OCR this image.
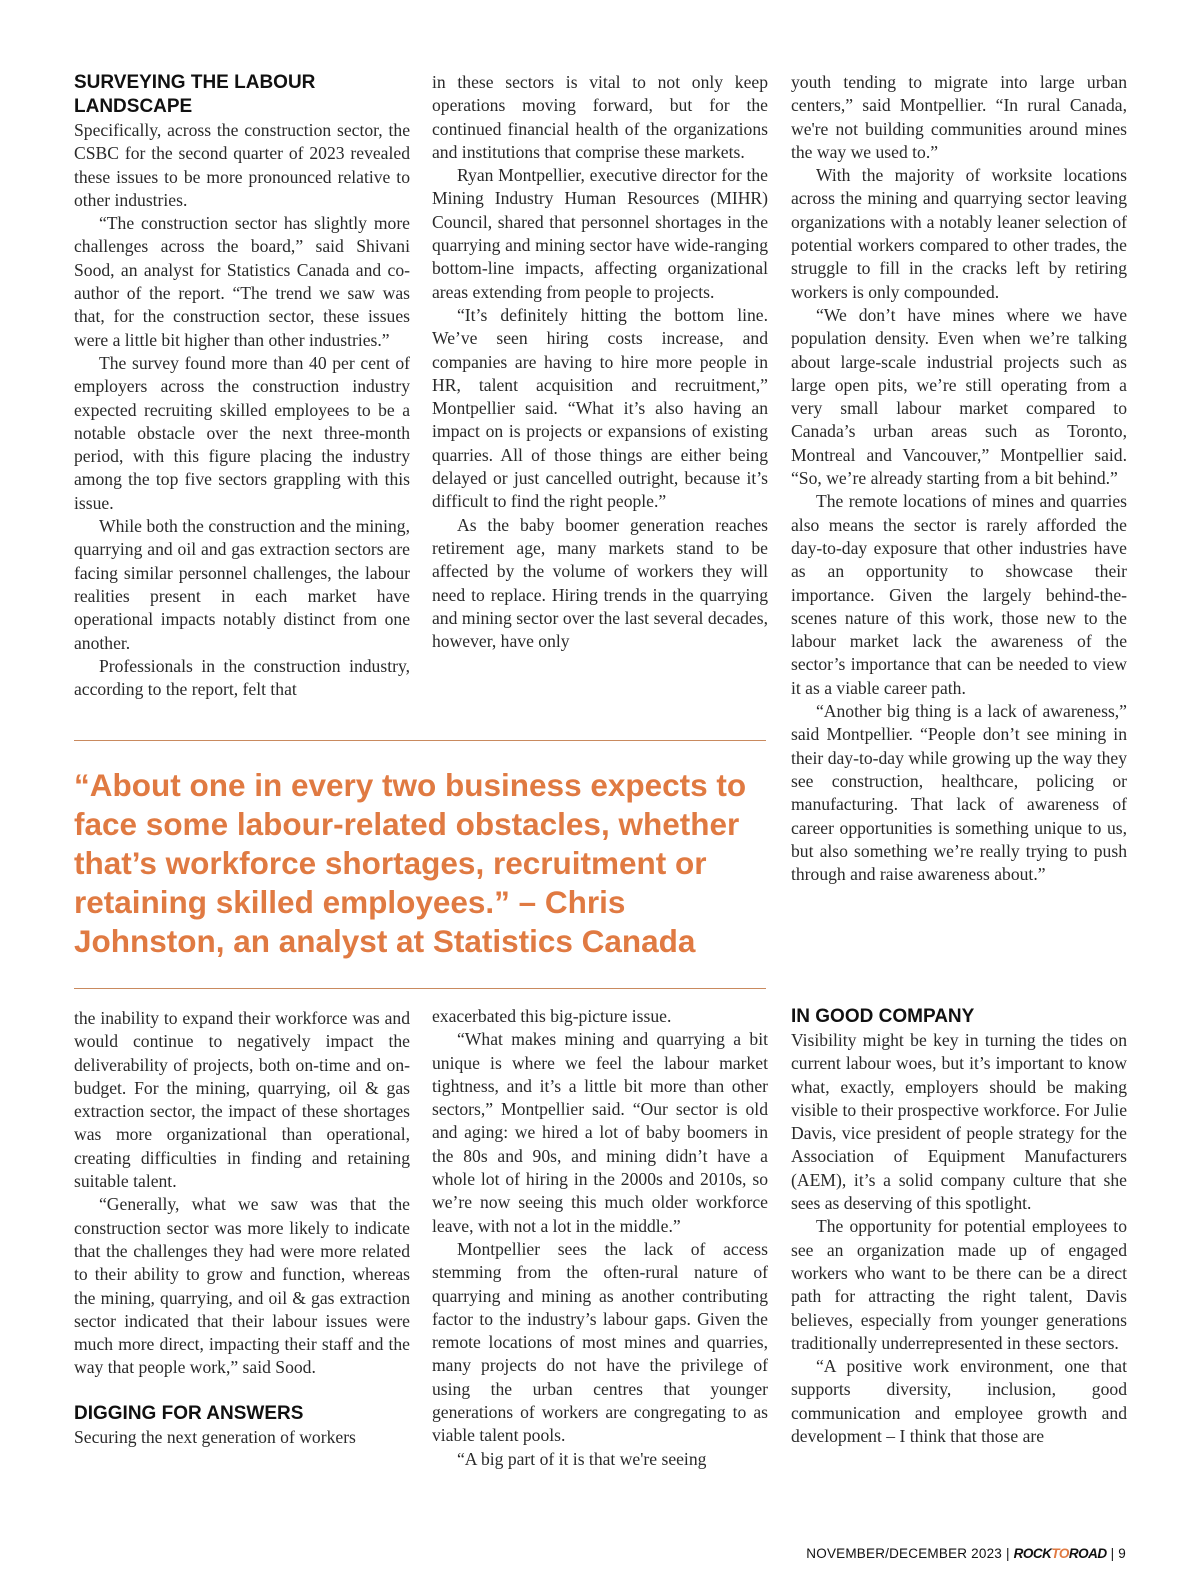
SURVEYING THE LABOUR LANDSCAPE

Specifically, across the construction sector, the CSBC for the second quarter of 2023 revealed these issues to be more pronounced relative to other industries.

“The construction sector has slightly more challenges across the board,” said Shivani Sood, an analyst for Statistics Canada and co-author of the report. “The trend we saw was that, for the construction sector, these issues were a little bit higher than other industries.”

The survey found more than 40 per cent of employers across the construction industry expected recruiting skilled employees to be a notable obstacle over the next three-month period, with this figure placing the industry among the top five sectors grappling with this issue.

While both the construction and the mining, quarrying and oil and gas extraction sectors are facing similar personnel challenges, the labour realities present in each market have operational impacts notably distinct from one another.

Professionals in the construction industry, according to the report, felt that

in these sectors is vital to not only keep operations moving forward, but for the continued financial health of the organizations and institutions that comprise these markets.

Ryan Montpellier, executive director for the Mining Industry Human Resources (MIHR) Council, shared that personnel shortages in the quarrying and mining sector have wide-ranging bottom-line impacts, affecting organizational areas extending from people to projects.

“It’s definitely hitting the bottom line. We’ve seen hiring costs increase, and companies are having to hire more people in HR, talent acquisition and recruitment,” Montpellier said. “What it’s also having an impact on is projects or expansions of existing quarries. All of those things are either being delayed or just cancelled outright, because it’s difficult to find the right people.”

As the baby boomer generation reaches retirement age, many markets stand to be affected by the volume of workers they will need to replace. Hiring trends in the quarrying and mining sector over the last several decades, however, have only

youth tending to migrate into large urban centers,” said Montpellier. “In rural Canada, we're not building communities around mines the way we used to.”

With the majority of worksite locations across the mining and quarrying sector leaving organizations with a notably leaner selection of potential workers compared to other trades, the struggle to fill in the cracks left by retiring workers is only compounded.

“We don’t have mines where we have population density. Even when we’re talking about large-scale industrial projects such as large open pits, we’re still operating from a very small labour market compared to Canada’s urban areas such as Toronto, Montreal and Vancouver,” Montpellier said. “So, we’re already starting from a bit behind.”

The remote locations of mines and quarries also means the sector is rarely afforded the day-to-day exposure that other industries have as an opportunity to showcase their importance. Given the largely behind-the-scenes nature of this work, those new to the labour market lack the awareness of the sector’s importance that can be needed to view it as a viable career path.

“Another big thing is a lack of awareness,” said Montpellier. “People don’t see mining in their day-to-day while growing up the way they see construction, healthcare, policing or manufacturing. That lack of awareness of career opportunities is something unique to us, but also something we’re really trying to push through and raise awareness about.”

“About one in every two business expects to face some labour-related obstacles, whether that’s workforce shortages, recruitment or retaining skilled employees.” – Chris Johnston, an analyst at Statistics Canada

the inability to expand their workforce was and would continue to negatively impact the deliverability of projects, both on-time and on-budget. For the mining, quarrying, oil & gas extraction sector, the impact of these shortages was more organizational than operational, creating difficulties in finding and retaining suitable talent.

“Generally, what we saw was that the construction sector was more likely to indicate that the challenges they had were more related to their ability to grow and function, whereas the mining, quarrying, and oil & gas extraction sector indicated that their labour issues were much more direct, impacting their staff and the way that people work,” said Sood.

DIGGING FOR ANSWERS

Securing the next generation of workers

exacerbated this big-picture issue.

“What makes mining and quarrying a bit unique is where we feel the labour market tightness, and it’s a little bit more than other sectors,” Montpellier said. “Our sector is old and aging: we hired a lot of baby boomers in the 80s and 90s, and mining didn’t have a whole lot of hiring in the 2000s and 2010s, so we’re now seeing this much older workforce leave, with not a lot in the middle.”

Montpellier sees the lack of access stemming from the often-rural nature of quarrying and mining as another contributing factor to the industry’s labour gaps. Given the remote locations of most mines and quarries, many projects do not have the privilege of using the urban centres that younger generations of workers are congregating to as viable talent pools.

“A big part of it is that we're seeing

IN GOOD COMPANY

Visibility might be key in turning the tides on current labour woes, but it’s important to know what, exactly, employers should be making visible to their prospective workforce. For Julie Davis, vice president of people strategy for the Association of Equipment Manufacturers (AEM), it’s a solid company culture that she sees as deserving of this spotlight.

The opportunity for potential employees to see an organization made up of engaged workers who want to be there can be a direct path for attracting the right talent, Davis believes, especially from younger generations traditionally underrepresented in these sectors.

“A positive work environment, one that supports diversity, inclusion, good communication and employee growth and development – I think that those are

NOVEMBER/DECEMBER 2023 | ROCKTOROAD | 9
